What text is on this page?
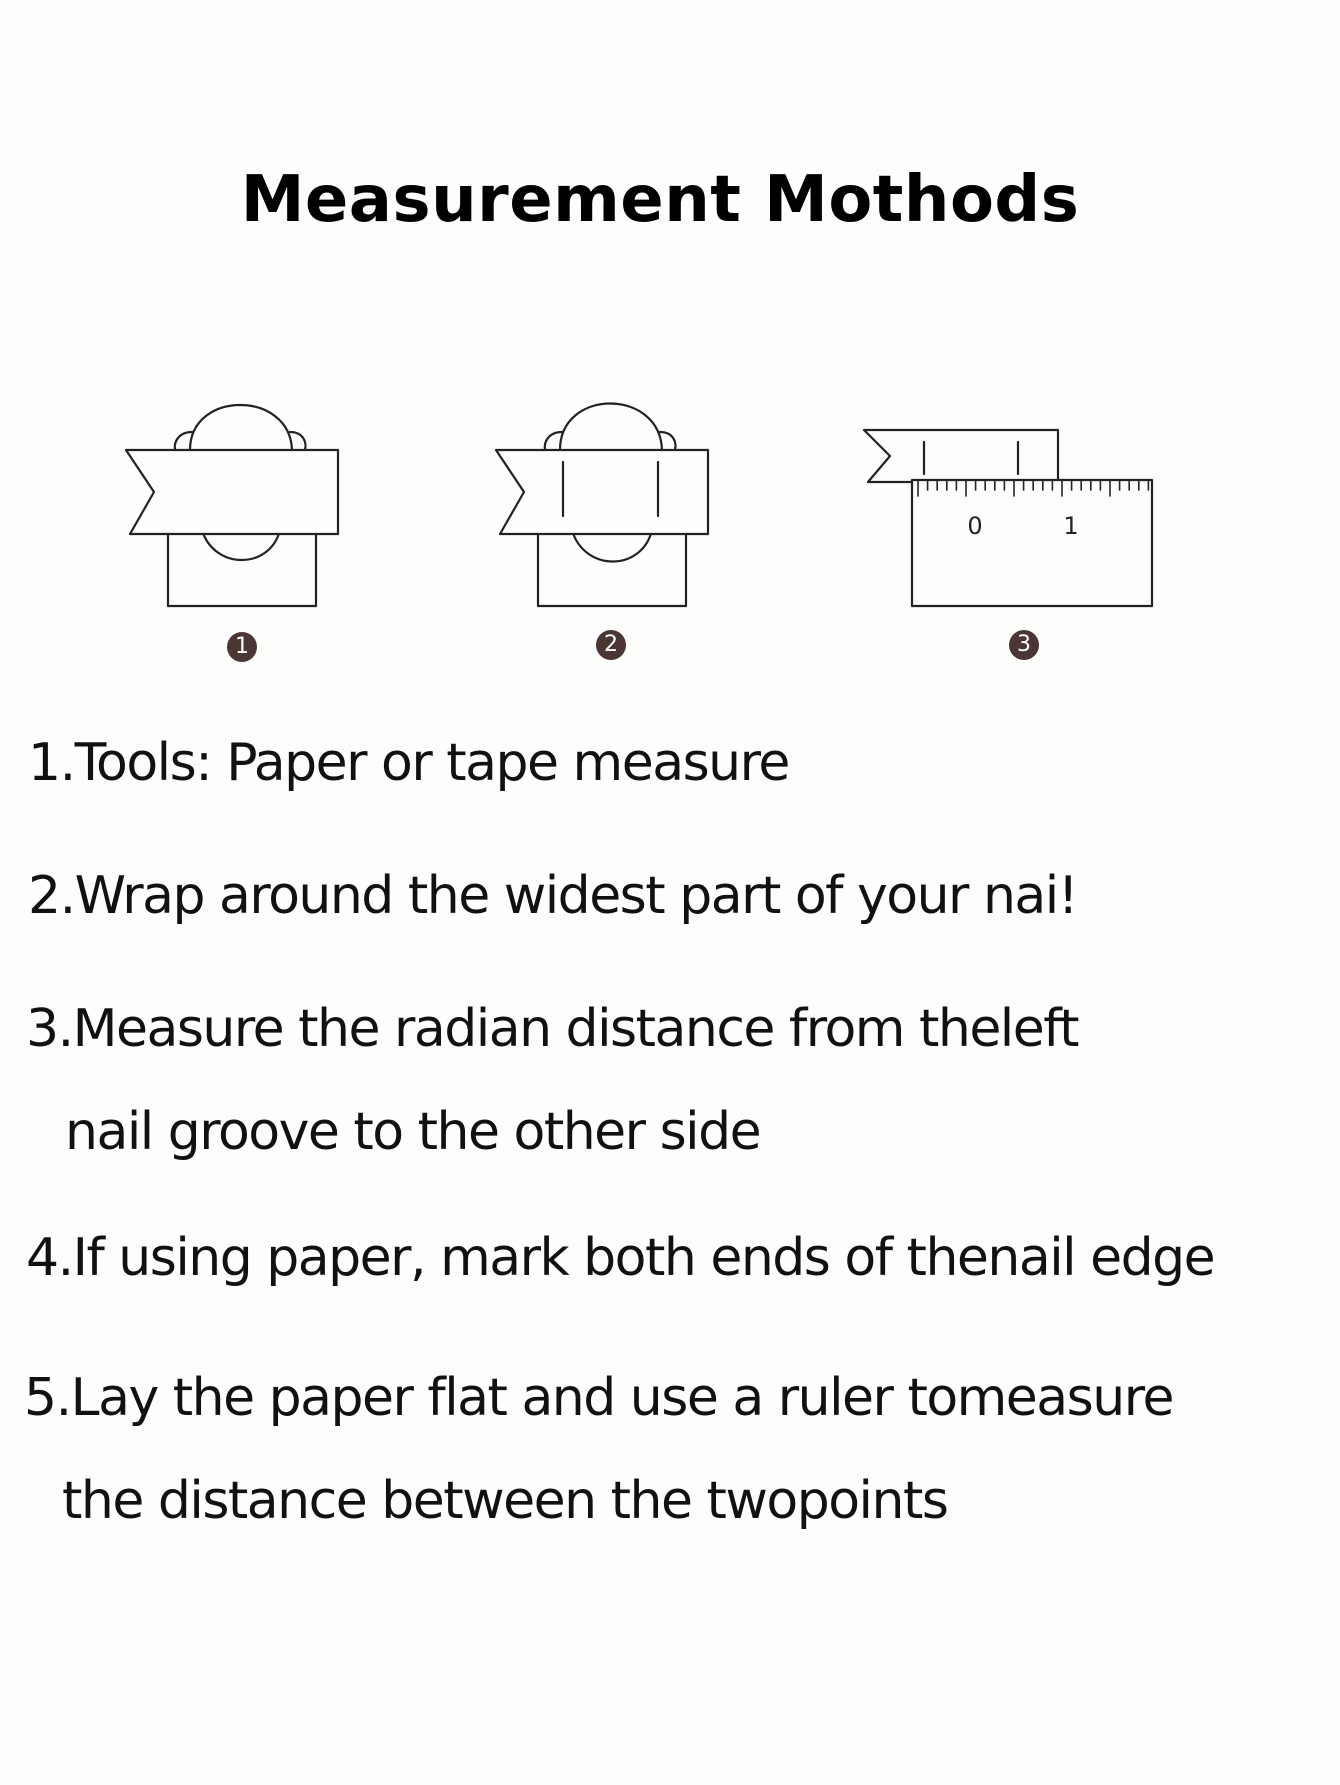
Measurement Mothods
0	1
1	2	3
1.Tools: Paper or tape measure
2.Wrap around the widest part of your nai!
3.Measure the radian distance from theleft
nail groove to the other side
4.If using paper, mark both ends of thenail edge
5.Lay the paper flat and use a ruler tomeasure
the distance between the twopoints
